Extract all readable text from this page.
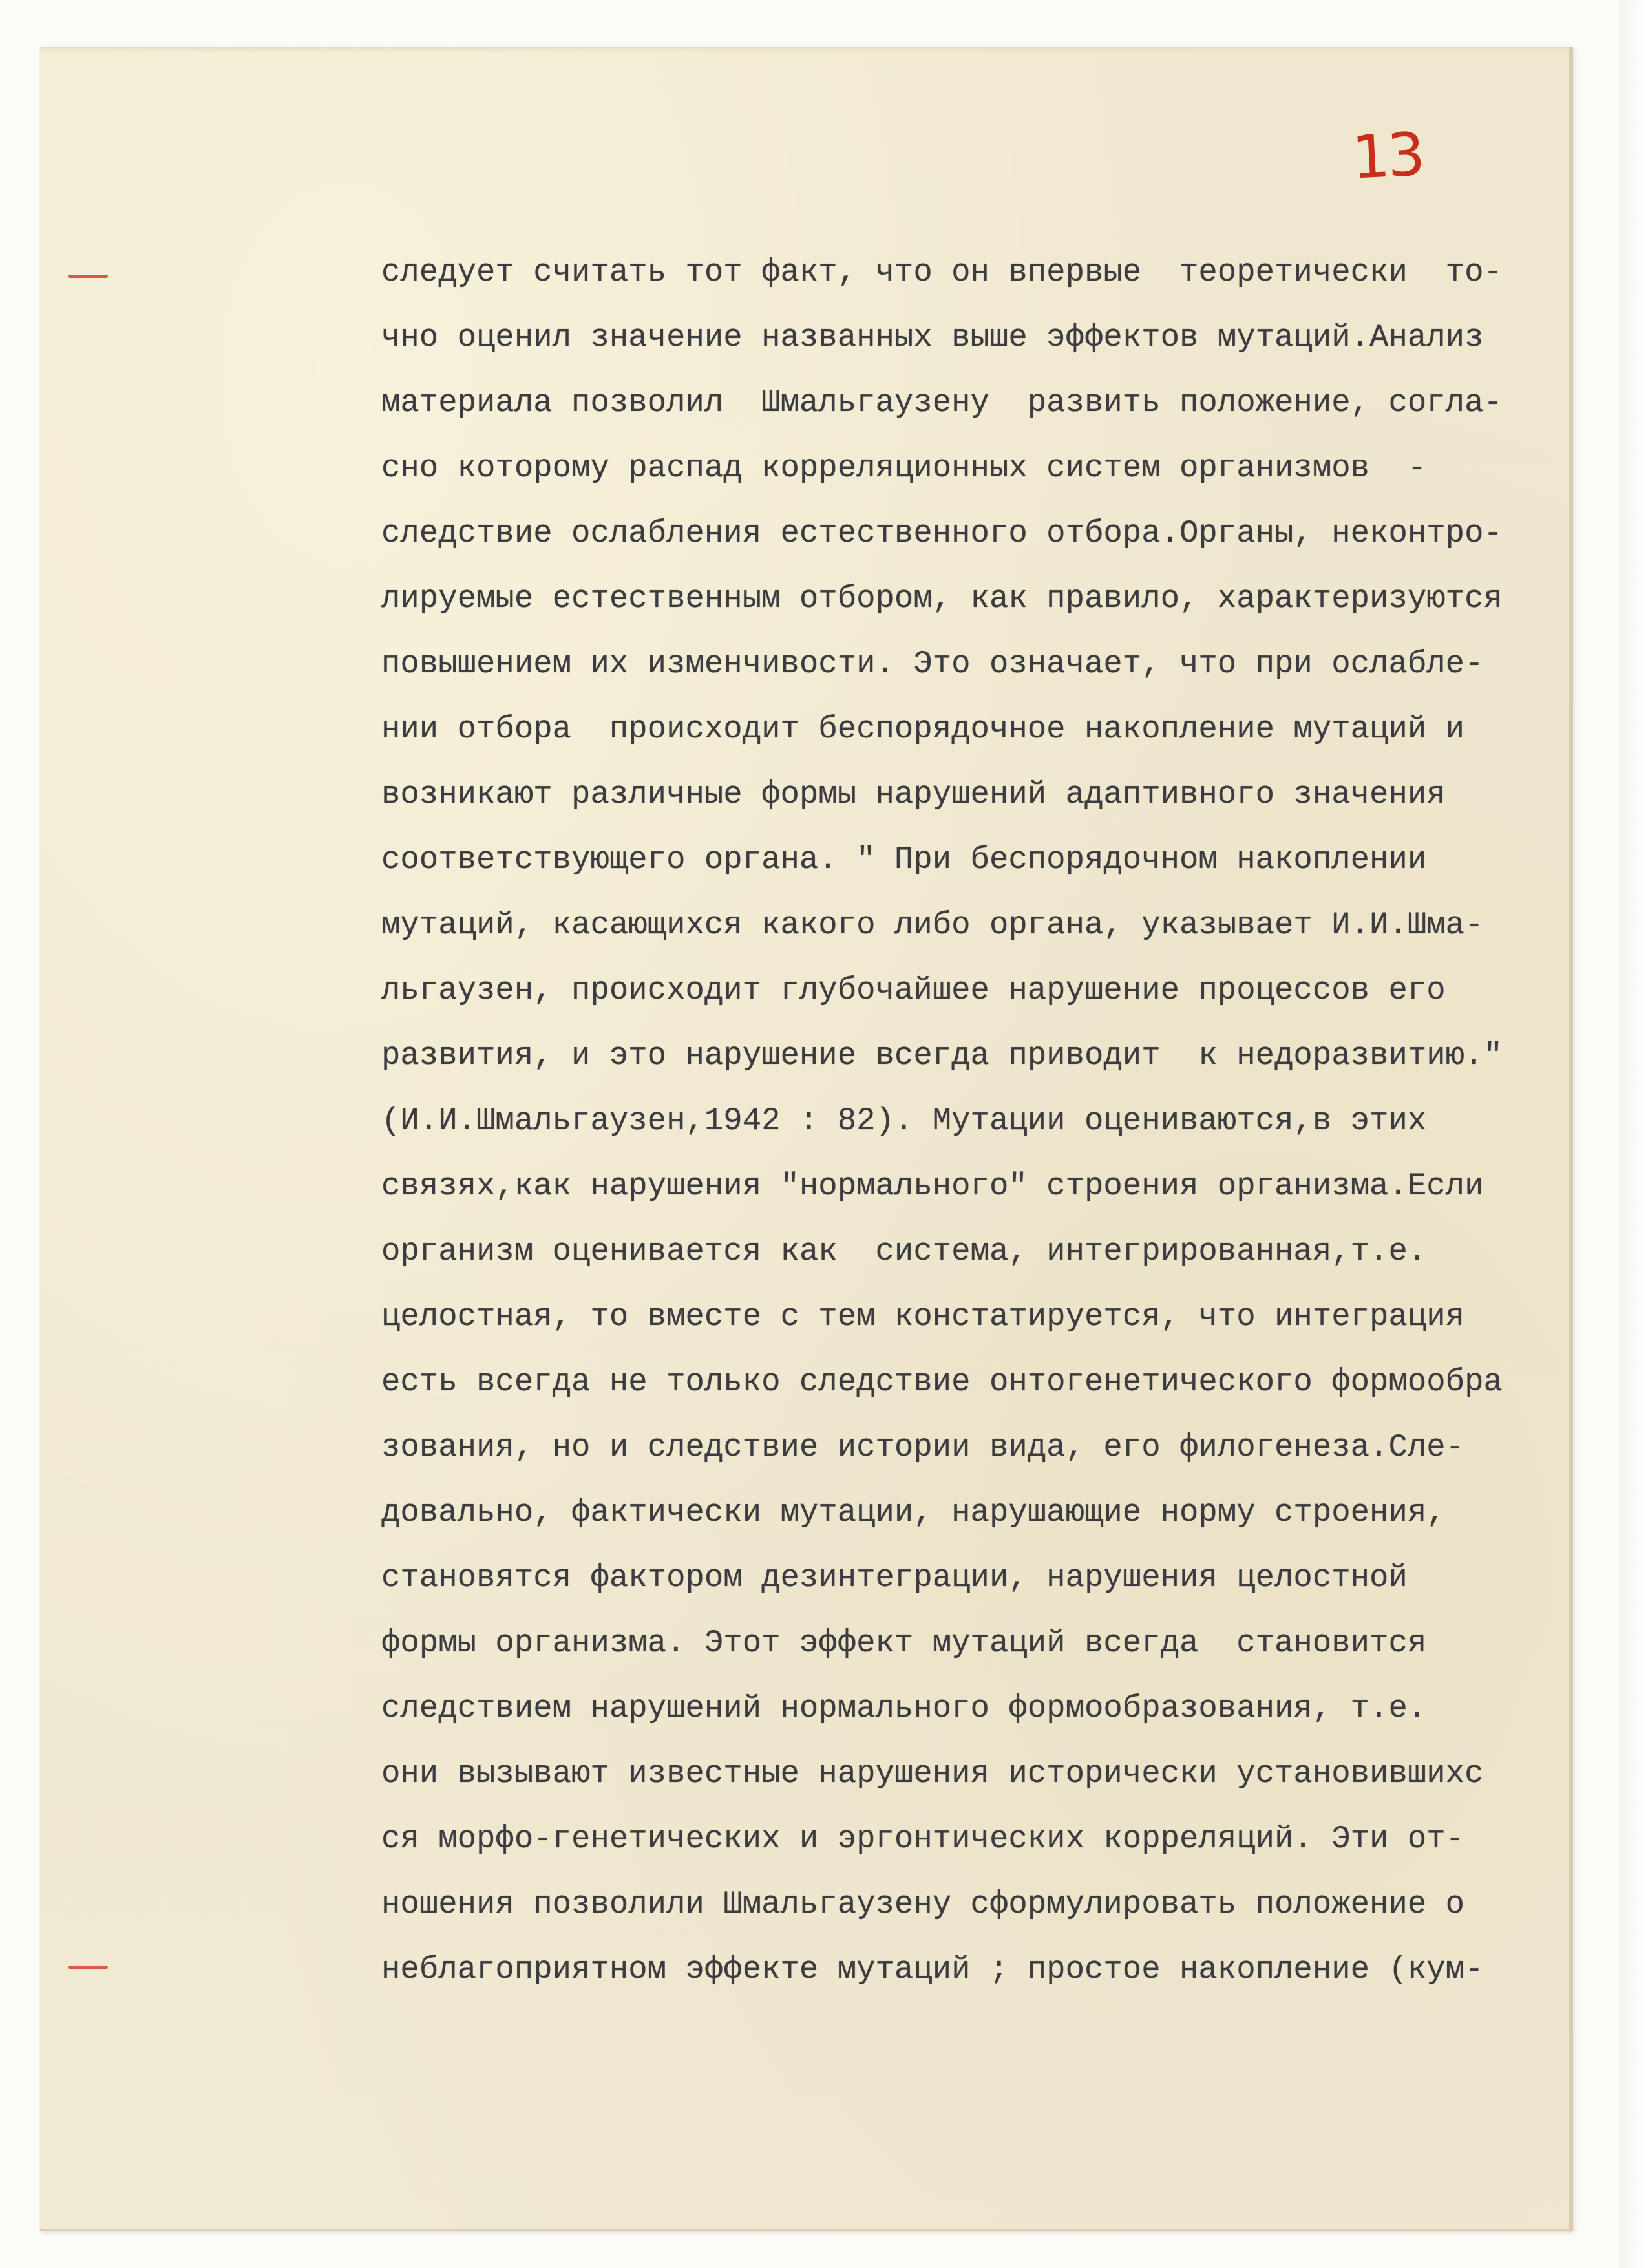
13
следует считать тот факт, что он впервые  теоретически  то-
чно оценил значение названных выше эффектов мутаций.Анализ
материала позволил  Шмальгаузену  развить положение, согла-
сно которому распад корреляционных систем организмов  -
следствие ослабления естественного отбора.Органы, неконтро-
лируемые естественным отбором, как правило, характеризуются
повышением их изменчивости. Это означает, что при ослабле-
нии отбора  происходит беспорядочное накопление мутаций и
возникают различные формы нарушений адаптивного значения
соответствующего органа. " При беспорядочном накоплении
мутаций, касающихся какого либо органа, указывает И.И.Шма-
льгаузен, происходит глубочайшее нарушение процессов его
развития, и это нарушение всегда приводит  к недоразвитию."
(И.И.Шмальгаузен,1942 : 82). Мутации оцениваются,в этих
связях,как нарушения "нормального" строения организма.Если
организм оценивается как  система, интегрированная,т.е.
целостная, то вместе с тем констатируется, что интеграция
есть всегда не только следствие онтогенетического формообра
зования, но и следствие истории вида, его филогенеза.Сле-
довально, фактически мутации, нарушающие норму строения,
становятся фактором дезинтеграции, нарушения целостной
формы организма. Этот эффект мутаций всегда  становится
следствием нарушений нормального формообразования, т.е.
они вызывают известные нарушения исторически установившихс
ся морфо-генетических и эргонтических корреляций. Эти от-
ношения позволили Шмальгаузену сформулировать положение о
неблагоприятном эффекте мутаций ; простое накопление (кум-
